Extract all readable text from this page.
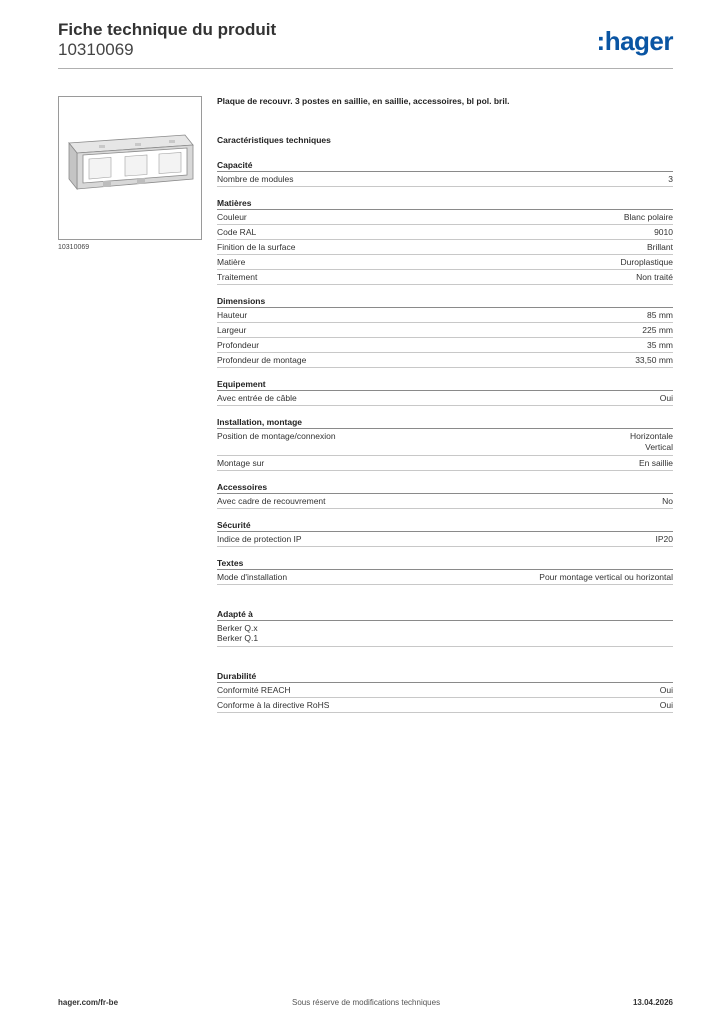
Fiche technique du produit
10310069	:hager
10310069
Plaque de recouvr. 3 postes en saillie, en saillie, accessoires, bl pol. bril.
Caractéristiques techniques
Capacité
Nombre de modules	3
Matières
Couleur	Blanc polaire
Code RAL	9010
Finition de la surface	Brillant
Matière	Duroplastique
Traitement	Non traité
Dimensions
Hauteur	85 mm
Largeur	225 mm
Profondeur	35 mm
Profondeur de montage	33,50 mm
Equipement
Avec entrée de câble	Oui
Installation, montage
Position de montage/connexion	Horizontale
Vertical
Montage sur	En saillie
Accessoires
Avec cadre de recouvrement	No
Sécurité
Indice de protection IP	IP20
Textes
Mode d'installation	Pour montage vertical ou horizontal
Adapté à
Berker Q.x
Berker Q.1
Durabilité
Conformité REACH	Oui
Conforme à la directive RoHS	Oui
hager.com/fr-be	Sous réserve de modifications techniques	13.04.2026
